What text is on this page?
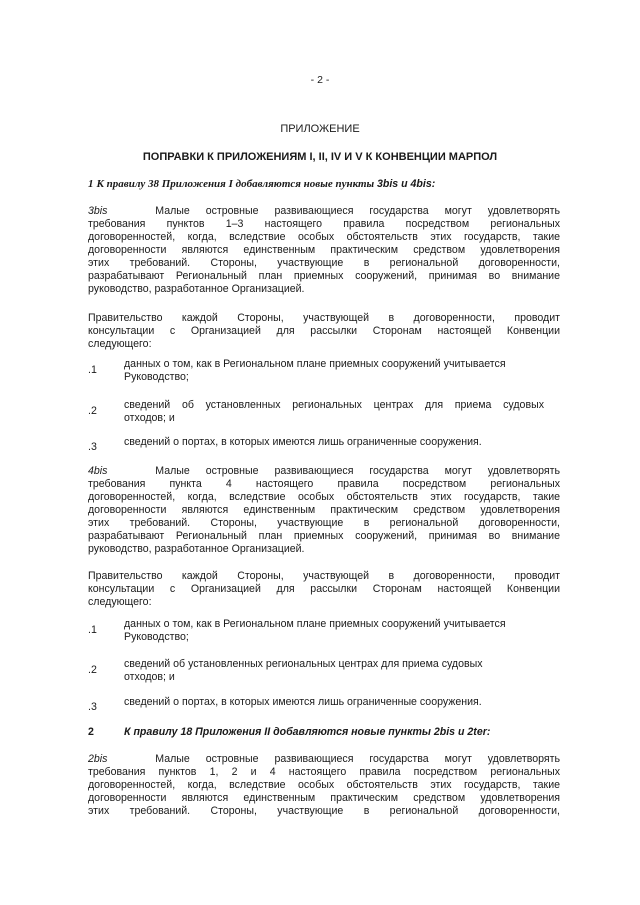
- 2 -
ПРИЛОЖЕНИЕ
ПОПРАВКИ К ПРИЛОЖЕНИЯМ I, II, IV И V К КОНВЕНЦИИ МАРПОЛ
1 К правилу 38 Приложения I добавляются новые пункты 3bis и 4bis:
3bis	Малые островные развивающиеся государства могут удовлетворять
требования пунктов 1–3 настоящего правила посредством региональных
договоренностей, когда, вследствие особых обстоятельств этих государств, такие
договоренности являются единственным практическим средством удовлетворения
этих требований. Стороны, участвующие в региональной договоренности,
разрабатывают Региональный план приемных сооружений, принимая во внимание
руководство, разработанное Организацией.
Правительство каждой Стороны, участвующей в договоренности, проводит
консультации с Организацией для рассылки Сторонам настоящей Конвенции
следующего:
.1	данных о том, как в Региональном плане приемных сооружений учитывается
Руководство;
.2	сведений об установленных региональных центрах для приема судовых
отходов; и
.3	сведений о портах, в которых имеются лишь ограниченные сооружения.
4bis	Малые островные развивающиеся государства могут удовлетворять
требования пункта 4 настоящего правила посредством региональных
договоренностей, когда, вследствие особых обстоятельств этих государств, такие
договоренности являются единственным практическим средством удовлетворения
этих требований. Стороны, участвующие в региональной договоренности,
разрабатывают Региональный план приемных сооружений, принимая во внимание
руководство, разработанное Организацией.
Правительство каждой Стороны, участвующей в договоренности, проводит
консультации с Организацией для рассылки Сторонам настоящей Конвенции
следующего:
.1	данных о том, как в Региональном плане приемных сооружений учитывается
Руководство;
.2	сведений об установленных региональных центрах для приема судовых
отходов; и
.3	сведений о портах, в которых имеются лишь ограниченные сооружения.
2	К правилу 18 Приложения II добавляются новые пункты 2bis и 2ter:
2bis	Малые островные развивающиеся государства могут удовлетворять
требования пунктов 1, 2 и 4 настоящего правила посредством региональных
договоренностей, когда, вследствие особых обстоятельств этих государств, такие
договоренности являются единственным практическим средством удовлетворения
этих требований. Стороны, участвующие в региональной договоренности,
